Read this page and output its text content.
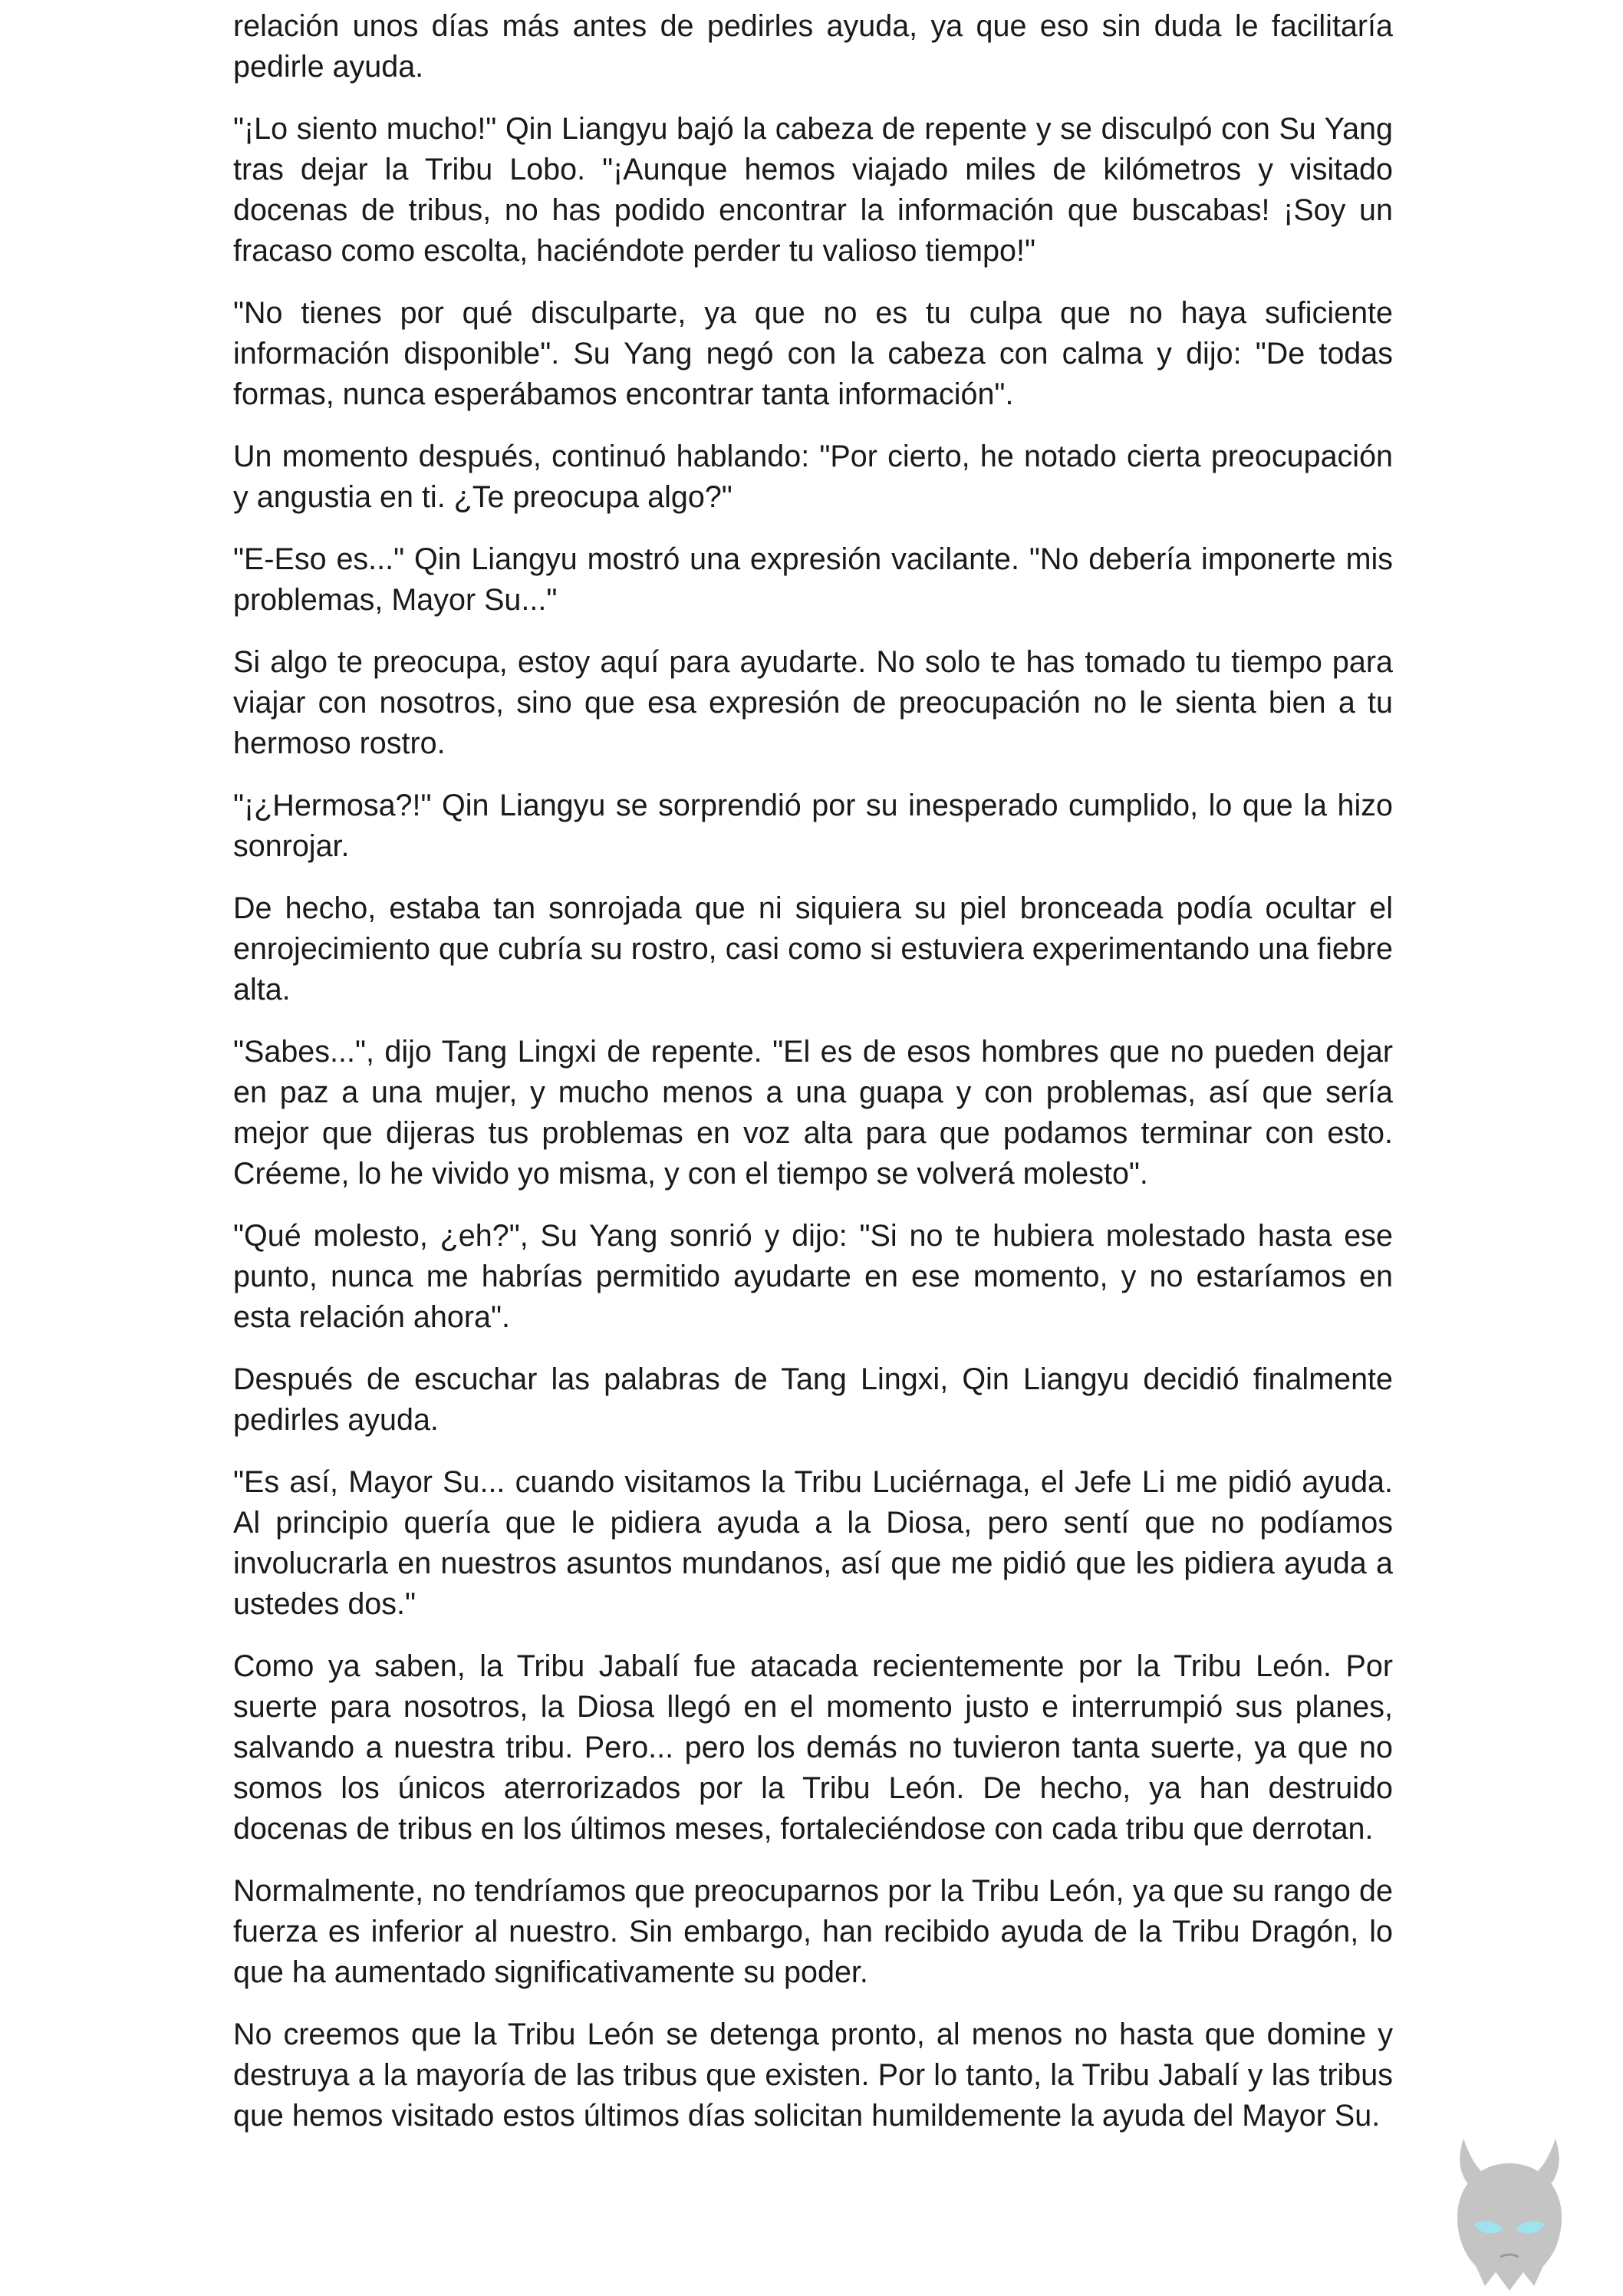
relación unos días más antes de pedirles ayuda, ya que eso sin duda le facilitaría pedirle ayuda.

"¡Lo siento mucho!" Qin Liangyu bajó la cabeza de repente y se disculpó con Su Yang tras dejar la Tribu Lobo. "¡Aunque hemos viajado miles de kilómetros y visitado docenas de tribus, no has podido encontrar la información que buscabas! ¡Soy un fracaso como escolta, haciéndote perder tu valioso tiempo!"

"No tienes por qué disculparte, ya que no es tu culpa que no haya suficiente información disponible". Su Yang negó con la cabeza con calma y dijo: "De todas formas, nunca esperábamos encontrar tanta información".

Un momento después, continuó hablando: "Por cierto, he notado cierta preocupación y angustia en ti. ¿Te preocupa algo?"

"E-Eso es..." Qin Liangyu mostró una expresión vacilante. "No debería imponerte mis problemas, Mayor Su..."

Si algo te preocupa, estoy aquí para ayudarte. No solo te has tomado tu tiempo para viajar con nosotros, sino que esa expresión de preocupación no le sienta bien a tu hermoso rostro.

"¡¿Hermosa?!" Qin Liangyu se sorprendió por su inesperado cumplido, lo que la hizo sonrojar.

De hecho, estaba tan sonrojada que ni siquiera su piel bronceada podía ocultar el enrojecimiento que cubría su rostro, casi como si estuviera experimentando una fiebre alta.

"Sabes...", dijo Tang Lingxi de repente. "El es de esos hombres que no pueden dejar en paz a una mujer, y mucho menos a una guapa y con problemas, así que sería mejor que dijeras tus problemas en voz alta para que podamos terminar con esto. Créeme, lo he vivido yo misma, y con el tiempo se volverá molesto".

"Qué molesto, ¿eh?", Su Yang sonrió y dijo: "Si no te hubiera molestado hasta ese punto, nunca me habrías permitido ayudarte en ese momento, y no estaríamos en esta relación ahora".

Después de escuchar las palabras de Tang Lingxi, Qin Liangyu decidió finalmente pedirles ayuda.

"Es así, Mayor Su... cuando visitamos la Tribu Luciérnaga, el Jefe Li me pidió ayuda. Al principio quería que le pidiera ayuda a la Diosa, pero sentí que no podíamos involucrarla en nuestros asuntos mundanos, así que me pidió que les pidiera ayuda a ustedes dos."

Como ya saben, la Tribu Jabalí fue atacada recientemente por la Tribu León. Por suerte para nosotros, la Diosa llegó en el momento justo e interrumpió sus planes, salvando a nuestra tribu. Pero... pero los demás no tuvieron tanta suerte, ya que no somos los únicos aterrorizados por la Tribu León. De hecho, ya han destruido docenas de tribus en los últimos meses, fortaleciéndose con cada tribu que derrotan.

Normalmente, no tendríamos que preocuparnos por la Tribu León, ya que su rango de fuerza es inferior al nuestro. Sin embargo, han recibido ayuda de la Tribu Dragón, lo que ha aumentado significativamente su poder.

No creemos que la Tribu León se detenga pronto, al menos no hasta que domine y destruya a la mayoría de las tribus que existen. Por lo tanto, la Tribu Jabalí y las tribus que hemos visitado estos últimos días solicitan humildemente la ayuda del Mayor Su.
